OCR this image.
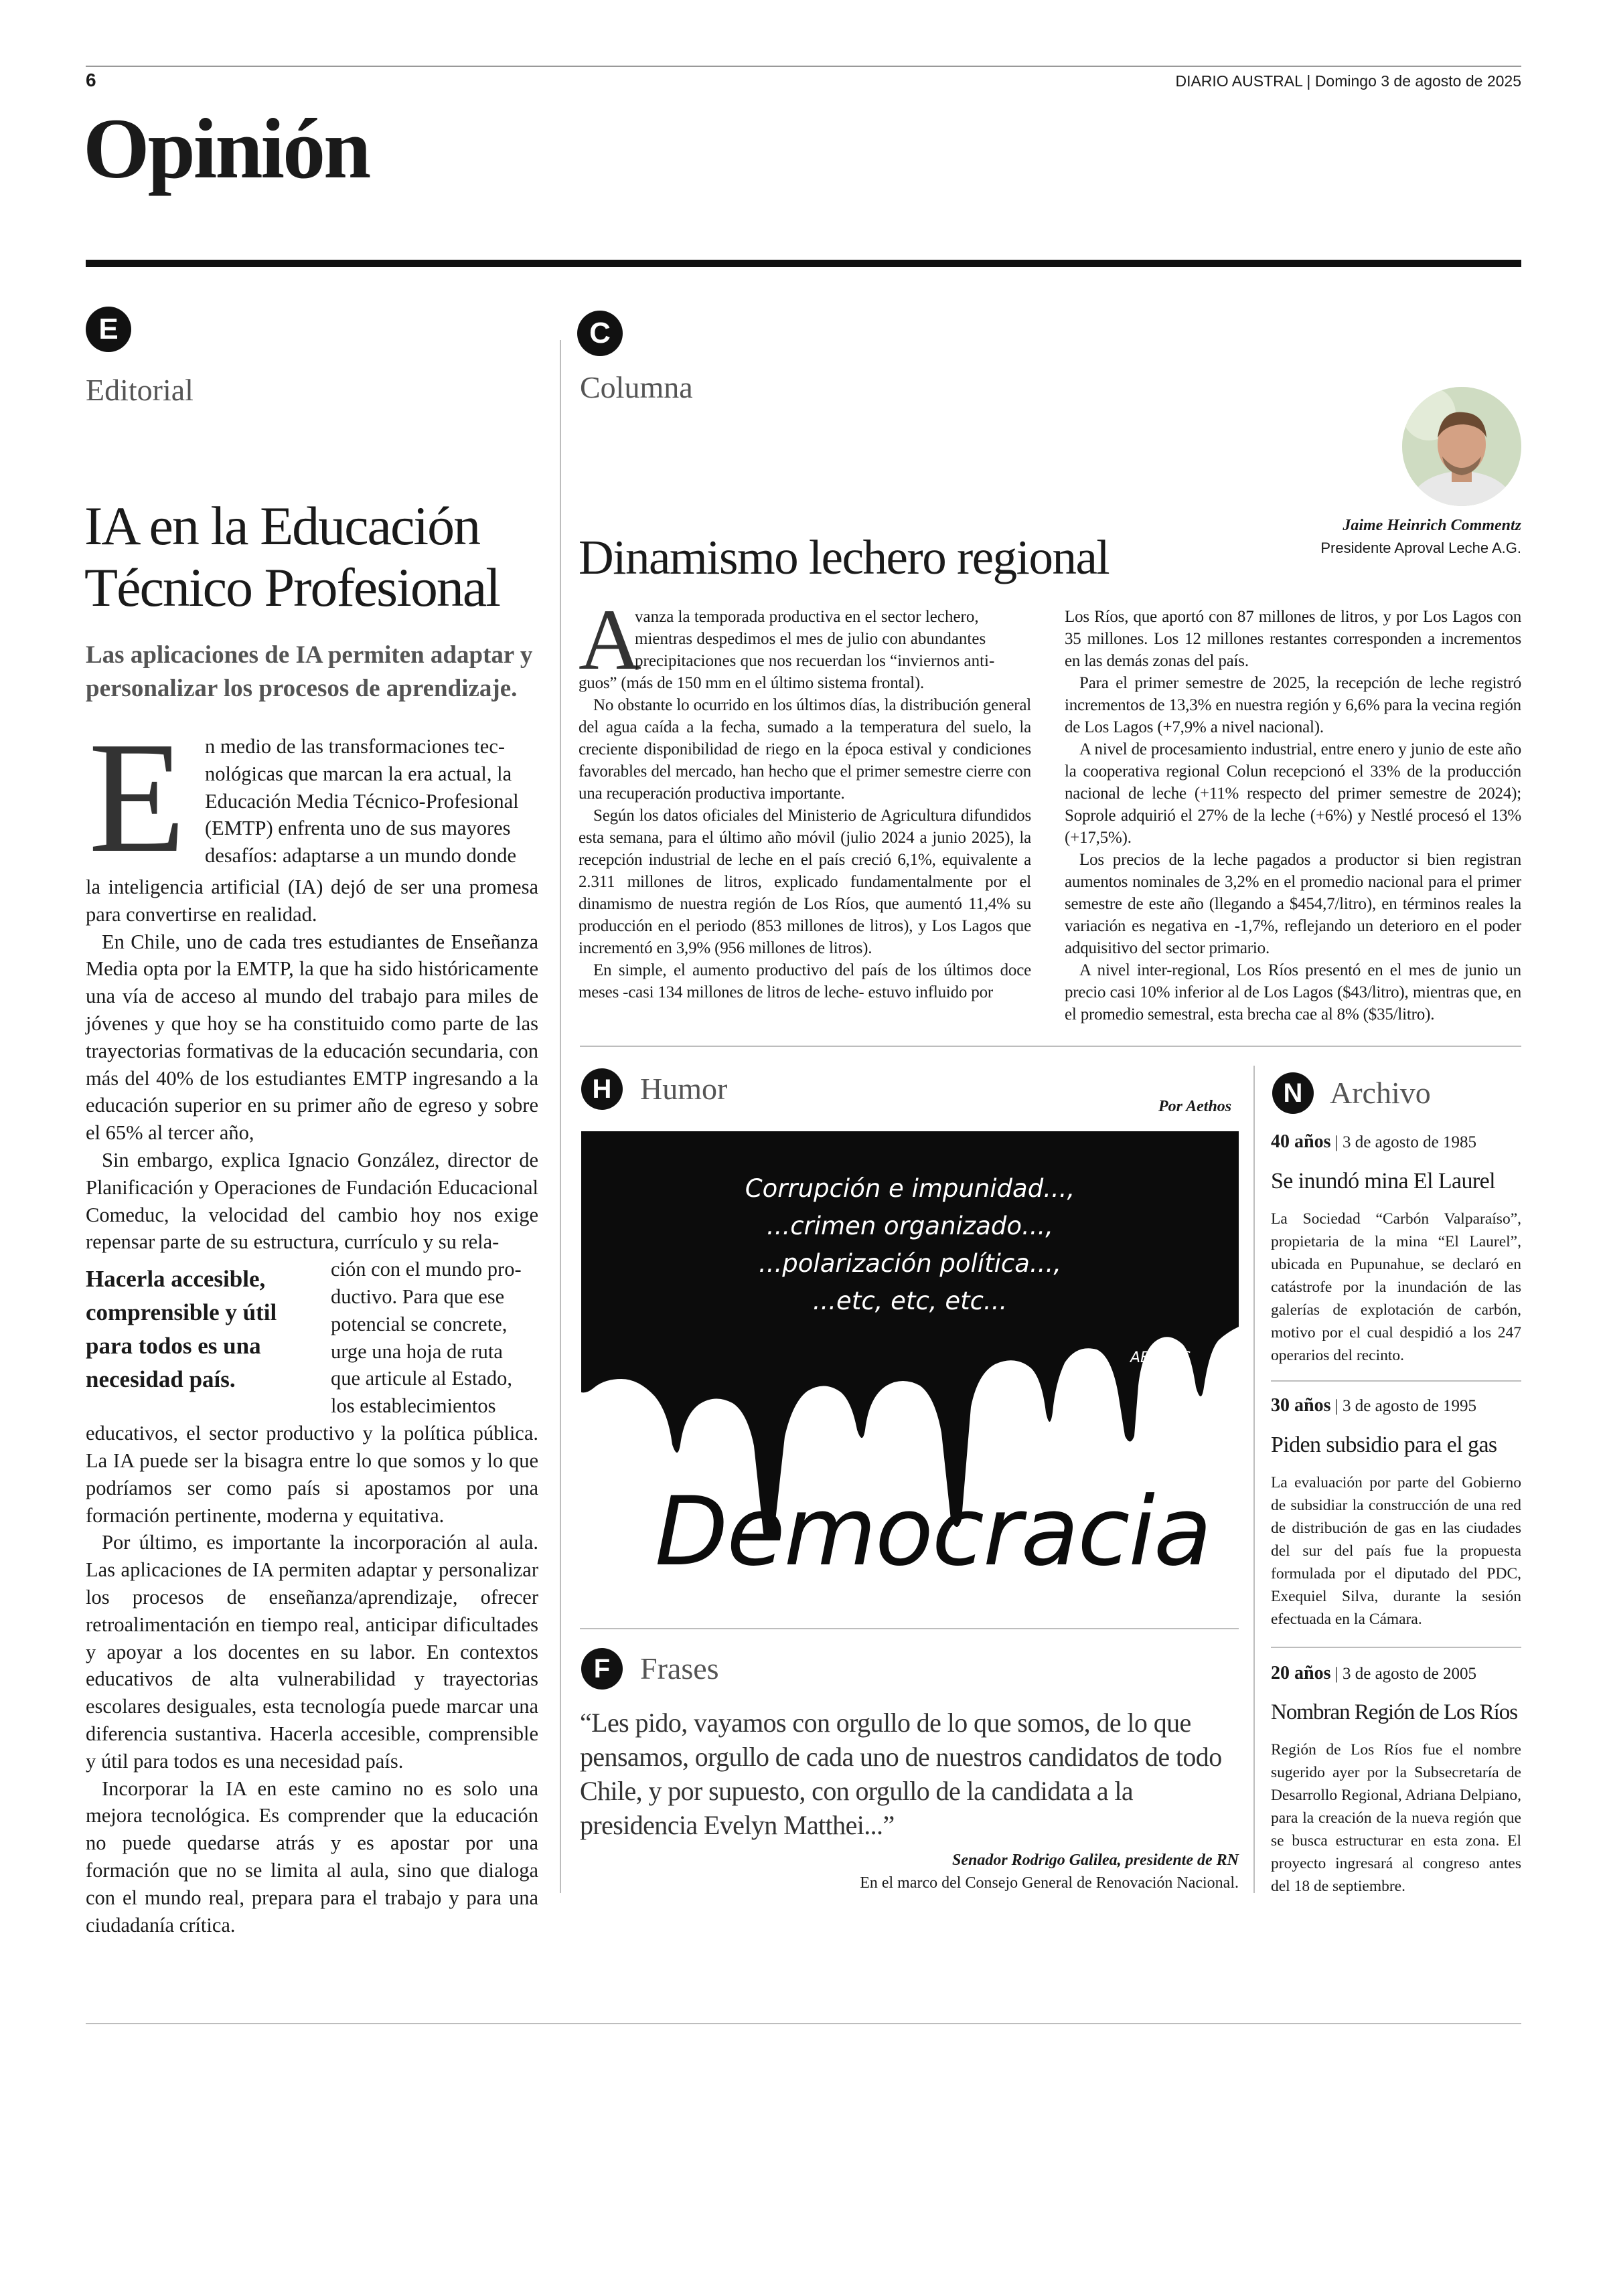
6	DIARIO AUSTRAL | Domingo 3 de agosto de 2025
Opinión
E
Editorial
IA en la Educación
Técnico Profesional
Las aplicaciones de IA permiten adaptar y personalizar los procesos de aprendizaje.
E n medio de las transformaciones tec-
nológicas que marcan la era actual, la
Educación Media Técnico-Profesional
(EMTP) enfrenta uno de sus mayores
desafíos: adaptarse a un mundo donde

la inteligencia artificial (IA) dejó de ser una promesa para convertirse en realidad.

En Chile, uno de cada tres estudiantes de Enseñanza Media opta por la EMTP, la que ha sido históricamente una vía de acceso al mundo del trabajo para miles de jóvenes y que hoy se ha constituido como parte de las trayectorias formativas de la educación secundaria, con más del 40% de los estudiantes EMTP ingresando a la educación superior en su primer año de egreso y sobre el 65% al tercer año,

Sin embargo, explica Ignacio González, director de Planificación y Operaciones de Fundación Educacional Comeduc, la velocidad del cambio hoy nos exige repensar parte de su estructura, currículo y su rela-

Hacerla accesible, comprensible y útil para todos es una necesidad país.
ción con el mundo pro-
ductivo. Para que ese
potencial se concrete,
urge una hoja de ruta
que articule al Estado,
los establecimientos

educativos, el sector productivo y la política pública. La IA puede ser la bisagra entre lo que somos y lo que podríamos ser como país si apostamos por una formación pertinente, moderna y equitativa.

Por último, es importante la incorporación al aula. Las aplicaciones de IA permiten adaptar y personalizar los procesos de enseñanza/aprendizaje, ofrecer retroalimentación en tiempo real, anticipar dificultades y apoyar a los docentes en su labor. En contextos educativos de alta vulnerabilidad y trayectorias escolares desiguales, esta tecnología puede marcar una diferencia sustantiva. Hacerla accesible, comprensible y útil para todos es una necesidad país.

Incorporar la IA en este camino no es solo una mejora tecnológica. Es comprender que la educación no puede quedarse atrás y es apostar por una formación que no se limita al aula, sino que dialoga con el mundo real, prepara para el trabajo y para una ciudadanía crítica.

C
Columna
Jaime Heinrich Commentz
Presidente Aproval Leche A.G.
Dinamismo lechero regional
A
vanza la temporada productiva en el sector lechero,
mientras despedimos el mes de julio con abundantes
precipitaciones que nos recuerdan los “inviernos anti-

guos” (más de 150 mm en el último sistema frontal).

No obstante lo ocurrido en los últimos días, la distribución general del agua caída a la fecha, sumado a la temperatura del suelo, la creciente disponibilidad de riego en la época estival y condiciones favorables del mercado, han hecho que el primer semestre cierre con una recuperación productiva importante.

Según los datos oficiales del Ministerio de Agricultura difundidos esta semana, para el último año móvil (julio 2024 a junio 2025), la recepción industrial de leche en el país creció 6,1%, equivalente a 2.311 millones de litros, explicado fundamentalmente por el dinamismo de nuestra región de Los Ríos, que aumentó 11,4% su producción en el periodo (853 millones de litros), y Los Lagos que incrementó en 3,9% (956 millones de litros).

En simple, el aumento productivo del país de los últimos doce meses -casi 134 millones de litros de leche- estuvo influido por

Los Ríos, que aportó con 87 millones de litros, y por Los Lagos con 35 millones. Los 12 millones restantes corresponden a incrementos en las demás zonas del país.

Para el primer semestre de 2025, la recepción de leche registró incrementos de 13,3% en nuestra región y 6,6% para la vecina región de Los Lagos (+7,9% a nivel nacional).

A nivel de procesamiento industrial, entre enero y junio de este año la cooperativa regional Colun recepcionó el 33% de la producción nacional de leche (+11% respecto del primer semestre de 2024); Soprole adquirió el 27% de la leche (+6%) y Nestlé procesó el 13% (+17,5%).

Los precios de la leche pagados a productor si bien registran aumentos nominales de 3,2% en el promedio nacional para el primer semestre de este año (llegando a $454,7/litro), en términos reales la variación es negativa en -1,7%, reflejando un deterioro en el poder adquisitivo del sector primario.

A nivel inter-regional, Los Ríos presentó en el mes de junio un precio casi 10% inferior al de Los Lagos ($43/litro), mientras que, en el promedio semestral, esta brecha cae al 8% ($35/litro).

H Humor
Por Aethos
Corrupción e impunidad...,
...crimen organizado...,
...polarización política...,
...etc, etc, etc...
AETHOS
Democracia
F Frases
“Les pido, vayamos con orgullo de lo que somos, de lo que pensamos, orgullo de cada uno de nuestros candidatos de todo Chile, y por supuesto, con orgullo de la candidata a la presidencia Evelyn Matthei...”
Senador Rodrigo Galilea, presidente de RN
En el marco del Consejo General de Renovación Nacional.
N Archivo
40 años | 3 de agosto de 1985
Se inundó mina El Laurel
La Sociedad “Carbón Valparaíso”, propietaria de la mina “El Laurel”, ubicada en Pupunahue, se declaró en catástrofe por la inundación de las galerías de explotación de carbón, motivo por el cual despidió a los 247 operarios del recinto.
30 años | 3 de agosto de 1995
Piden subsidio para el gas
La evaluación por parte del Gobierno de subsidiar la construcción de una red de distribución de gas en las ciudades del sur del país fue la propuesta formulada por el diputado del PDC, Exequiel Silva, durante la sesión efectuada en la Cámara.
20 años | 3 de agosto de 2005
Nombran Región de Los Ríos
Región de Los Ríos fue el nombre sugerido ayer por la Subsecretaría de Desarrollo Regional, Adriana Delpiano, para la creación de la nueva región que se busca estructurar en esta zona. El proyecto ingresará al congreso antes del 18 de septiembre.
